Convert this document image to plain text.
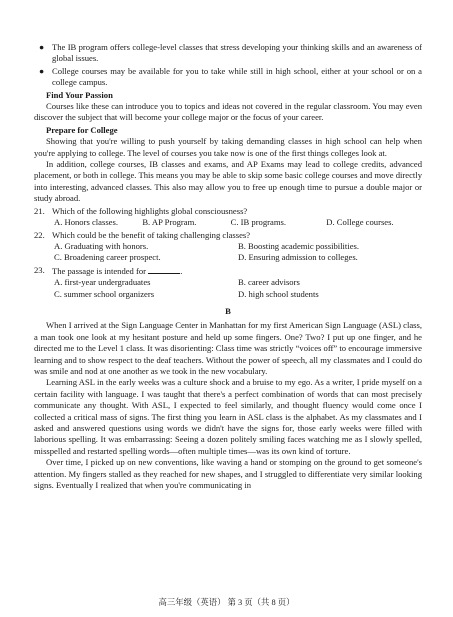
● The IB program offers college-level classes that stress developing your thinking skills and an awareness of global issues.
● College courses may be available for you to take while still in high school, either at your school or on a college campus.
Find Your Passion

Courses like these can introduce you to topics and ideas not covered in the regular classroom. You may even discover the subject that will become your college major or the focus of your career.

Prepare for College

Showing that you're willing to push yourself by taking demanding classes in high school can help when you're applying to college. The level of courses you take now is one of the first things colleges look at.

In addition, college courses, IB classes and exams, and AP Exams may lead to college credits, advanced placement, or both in college. This means you may be able to skip some basic college courses and move directly into interesting, advanced classes. This also may allow you to free up enough time to pursue a double major or study abroad.

21. Which of the following highlights global consciousness?
A. Honors classes.	B. AP Program.	C. IB programs.	D. College courses.
22. Which could be the benefit of taking challenging classes?
A. Graduating with honors.	B. Boosting academic possibilities.
C. Broadening career prospect.	D. Ensuring admission to colleges.
23. The passage is intended for	.
A. first-year undergraduates	B. career advisors
C. summer school organizers	D. high school students
B

When I arrived at the Sign Language Center in Manhattan for my first American Sign Language (ASL) class, a man took one look at my hesitant posture and held up some fingers. One? Two? I put up one finger, and he directed me to the Level 1 class. It was disorienting: Class time was strictly “voices off” to encourage immersive learning and to show respect to the deaf teachers. Without the power of speech, all my classmates and I could do was smile and nod at one another as we took in the new vocabulary.

Learning ASL in the early weeks was a culture shock and a bruise to my ego. As a writer, I pride myself on a certain facility with language. I was taught that there's a perfect combination of words that can most precisely communicate any thought. With ASL, I expected to feel similarly, and thought fluency would come once I collected a critical mass of signs. The first thing you learn in ASL class is the alphabet. As my classmates and I asked and answered questions using words we didn't have the signs for, those early weeks were filled with laborious spelling. It was embarrassing: Seeing a dozen politely smiling faces watching me as I slowly spelled, misspelled and restarted spelling words—often multiple times—was its own kind of torture.

Over time, I picked up on new conventions, like waving a hand or stomping on the ground to get someone's attention. My fingers stalled as they reached for new shapes, and I struggled to differentiate very similar looking signs. Eventually I realized that when you're communicating in

高三年级（英语） 第 3 页（共 8 页）
